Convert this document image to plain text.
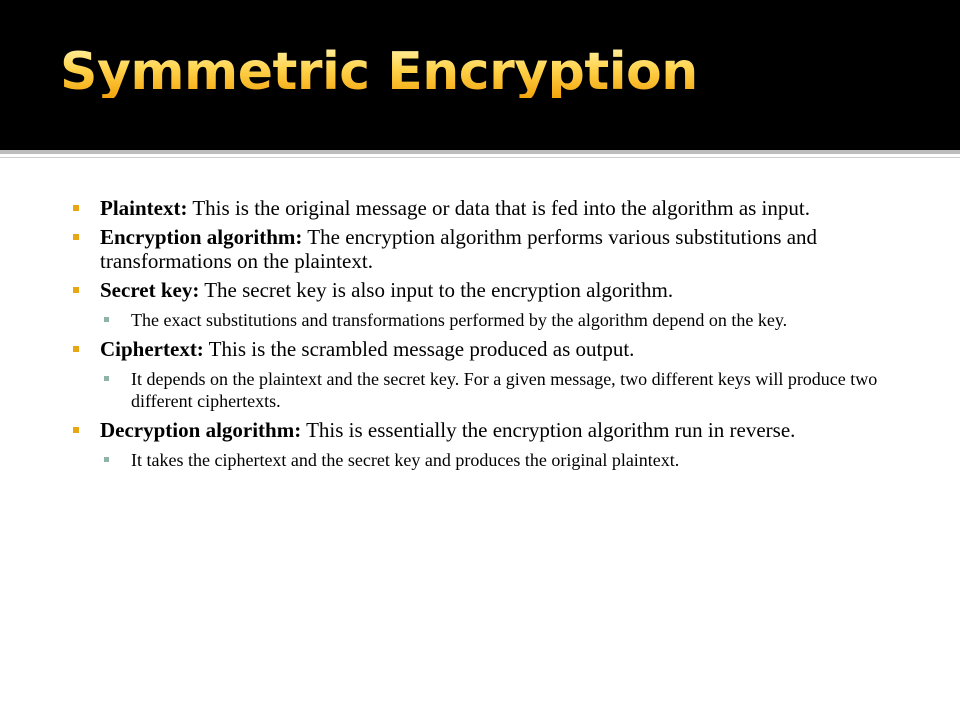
Symmetric Encryption
Plaintext: This is the original message or data that is fed into the algorithm as input.
Encryption algorithm: The encryption algorithm performs various substitutions and transformations on the plaintext.
Secret key: The secret key is also input to the encryption algorithm.
The exact substitutions and transformations performed by the algorithm depend on the key.
Ciphertext: This is the scrambled message produced as output.
It depends on the plaintext and the secret key. For a given message, two different keys will produce two different ciphertexts.
Decryption algorithm: This is essentially the encryption algorithm run in reverse.
It takes the ciphertext and the secret key and produces the original plaintext.
